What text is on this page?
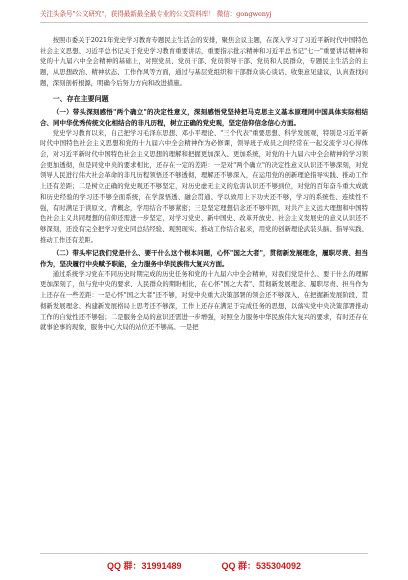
关注头条号"公文研究"，获得最新最全最专业的公文资料库！ 微信：gongwenyj

按照市委关于2021年党史学习教育专题民主生活会的安排，聚焦会议主题，在深入学习了习近平新时代中国特色社会主义思想、习近平总书记关于党史学习教育重要讲话，重要指示批示精神和习近平总书记"七一"重要讲话精神和党的十九届六中全会精神的基础上，对照党员、党员干部、党员领导干部、党员和人民群众，专题民主生活会的主题，从思想政治、精神状态、工作作风等方面，通过与基层党组织和干部群众谈心谈话、收集意见建议，认真查找问题，深刻剖析根源，明确今后努力方向和改进措施。

一、存在主要问题

（一）带头深刻感悟"两个确立"的决定性意义，深刻感悟党坚持把马克思主义基本原理同中国具体实际相结合、同中华优秀传统文化相结合的非凡历程，树立正确的党史观，坚定信仰信念信心方面。

党史学习教育以来，自己把学习毛泽东思想、邓小平理论、"三个代表"重要思想、科学发展观，特别是习近平新时代中国特色社会主义思想和党的十九届六中全会精神作为必修课，领导班子成员之间经常在一起交流学习心得体会，对习近平新时代中国特色社会主义思想的理解和把握更加深入、更加系统，对党的十九届六中全会精神的学习领会更加透彻，但是同党中央的要求相比，还存在一定的差距：一是对"两个确立"的决定性意义认识还不够深刻，对党领导人民进行伟大社会革命的非凡历程领悟还不够透彻，理解还不够深入，在运用党的创新理论指导实践、推动工作上还有差距；二是树立正确的党史观还不够坚定，对历史虚无主义的危害认识还不够到位，对党的百年奋斗重大成就和历史经验的学习还不够全面系统，在学深悟透、融会贯通、学以致用上下功夫还不够，学习的系统性、连续性不强，有时满足于读原文、背概念，学用结合不够紧密；三是坚定理想信念还不够牢固，对共产主义远大理想和中国特色社会主义共同理想的信仰还需进一步坚定，对学习党史、新中国史、改革开放史、社会主义发展史的意义认识还不够深刻，还没有完全把学习党史同总结经验、观照现实、推动工作结合起来，用党的创新理论武装头脑、指导实践、推动工作还有差距。

（二）带头牢记我们党是什么、要干什么这个根本问题，心怀"国之大者"，贯彻新发展理念，履职尽责、担当作为，坚决履行中央赋予职能，全力服务中华民族伟大复兴方面。

通过系统学习党在不同历史时期完成的历史任务和党的十九届六中全会精神，对我们党是什么、要干什么的理解更加深刻了，但与党中央的要求、人民群众的期盼相比，在心怀"国之大者"、贯彻新发展理念、履职尽责、担当作为上还存在一些差距：一是心怀"国之大者"还不够，对党中央重大决策部署的领会还不够深入，在把握新发展阶段、贯彻新发展理念、构建新发展格局上思考还不够深，工作上还存在满足于完成任务的思想，以落实党中央决策部署推动工作的自觉性还不够强；二是服务全局的意识还需进一步增强，对照全力服务中华民族伟大复兴的要求，有时还存在就事论事的现象，服务中心大局的站位还不够高。一是把

QQ 群：31991489	QQ 群：535304092
